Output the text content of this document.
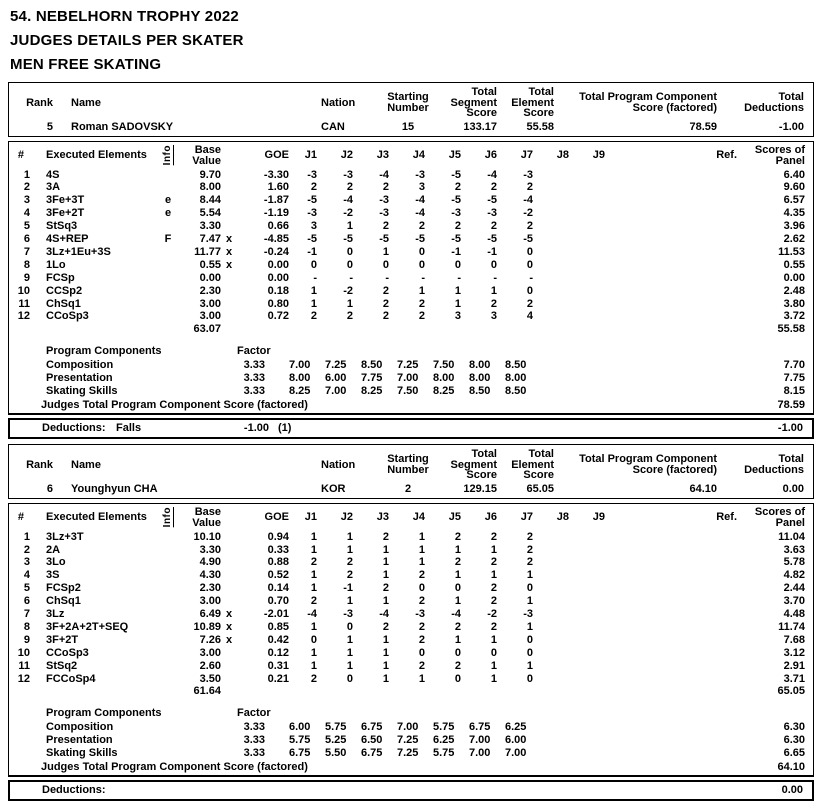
54. NEBELHORN TROPHY 2022
JUDGES DETAILS PER SKATER
MEN FREE SKATING
Rank	Name	Nation	Starting Number
Total Segment Score
Total Element Score
Total Program Component Score (factored)
Total Deductions
5	Roman SADOVSKY	CAN	15	133.17	55.58	78.59	-1.00
#	Executed Elements	Info	Base Value	GOE	J1	J2	J3	J4	J5	J6	J7	J8	J9	Ref.	Scores of Panel
1	4S	9.70	-3.30	-3	-3	-4	-3	-5	-4	-3	6.40
2	3A	8.00	1.60	2	2	2	3	2	2	2	9.60
3	3Fe+3T	e	8.44	-1.87	-5	-4	-3	-4	-5	-5	-4	6.57
4	3Fe+2T	e	5.54	-1.19	-3	-2	-3	-4	-3	-3	-2	4.35
5	StSq3	3.30	0.66	3	1	2	2	2	2	2	3.96
6	4S+REP	F	7.47 x	-4.85	-5	-5	-5	-5	-5	-5	-5	2.62
7	3Lz+1Eu+3S	11.77 x	-0.24	-1	0	1	0	-1	-1	0	11.53
8	1Lo	0.55 x	0.00	0	0	0	0	0	0	0	0.55
9	FCSp	0.00	0.00	-	-	-	-	-	-	-	0.00
10	CCSp2	2.30	0.18	1	-2	2	1	1	1	0	2.48
11	ChSq1	3.00	0.80	1	1	2	2	1	2	2	3.80
12	CCoSp3	3.00	0.72	2	2	2	2	3	3	4	3.72
63.07	55.58
Program Components	Factor
Composition	3.33	7.00	7.25	8.50	7.25	7.50	8.00	8.50	7.70
Presentation	3.33	8.00	6.00	7.75	7.00	8.00	8.00	8.00	7.75
Skating Skills	3.33	8.25	7.00	8.25	7.50	8.25	8.50	8.50	8.15
Judges Total Program Component Score (factored)	78.59
Deductions: Falls	-1.00 (1)	-1.00
Rank	Name	Nation	Starting Number
Total Segment Score
Total Element Score
Total Program Component Score (factored)
Total Deductions
6	Younghyun CHA	KOR	2	129.15	65.05	64.10	0.00
#	Executed Elements	Info	Base Value	GOE	J1	J2	J3	J4	J5	J6	J7	J8	J9	Ref.	Scores of Panel
1	3Lz+3T	10.10	0.94	1	1	2	1	2	2	2	11.04
2	2A	3.30	0.33	1	1	1	1	1	1	2	3.63
3	3Lo	4.90	0.88	2	2	1	1	2	2	2	5.78
4	3S	4.30	0.52	1	2	1	2	1	1	1	4.82
5	FCSp2	2.30	0.14	1	-1	2	0	0	2	0	2.44
6	ChSq1	3.00	0.70	2	1	1	2	1	2	1	3.70
7	3Lz	6.49 x	-2.01	-4	-3	-4	-3	-4	-2	-3	4.48
8	3F+2A+2T+SEQ	10.89 x	0.85	1	0	2	2	2	2	1	11.74
9	3F+2T	7.26 x	0.42	0	1	1	2	1	1	0	7.68
10	CCoSp3	3.00	0.12	1	1	1	0	0	0	0	3.12
11	StSq2	2.60	0.31	1	1	1	2	2	1	1	2.91
12	FCCoSp4	3.50	0.21	2	0	1	1	0	1	0	3.71
61.64	65.05
Program Components	Factor
Composition	3.33	6.00	5.75	6.75	7.00	5.75	6.75	6.25	6.30
Presentation	3.33	5.75	5.25	6.50	7.25	6.25	7.00	6.00	6.30
Skating Skills	3.33	6.75	5.50	6.75	7.25	5.75	7.00	7.00	6.65
Judges Total Program Component Score (factored)	64.10
Deductions:	0.00
